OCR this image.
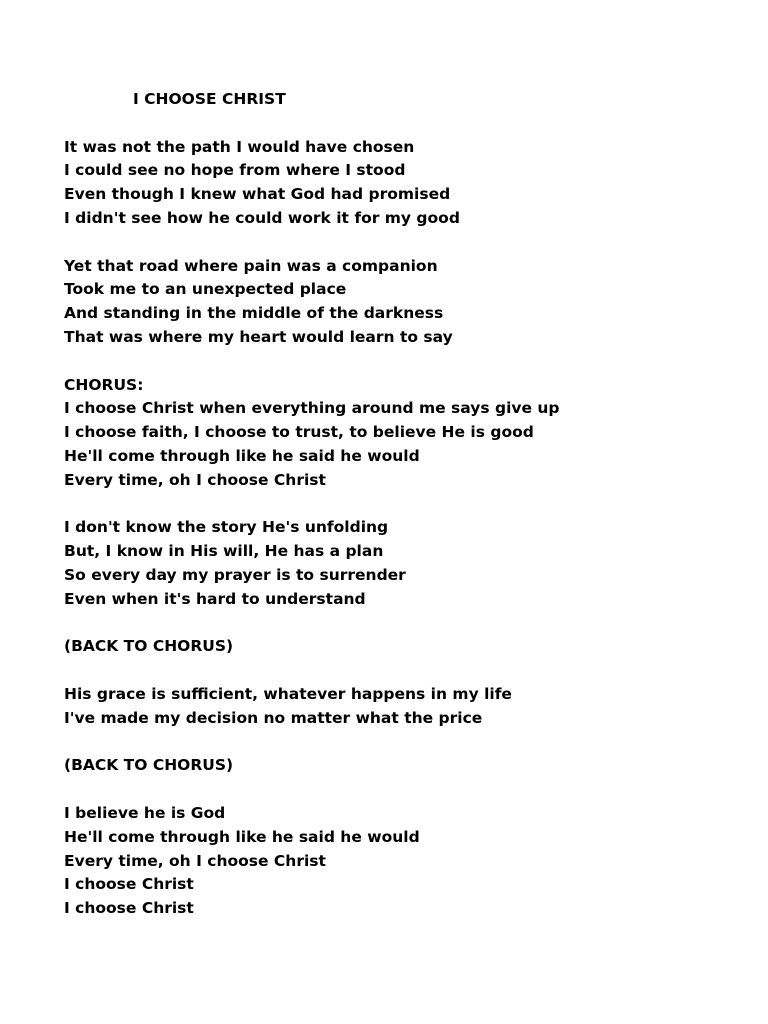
I CHOOSE CHRIST
It was not the path I would have chosen
I could see no hope from where I stood
Even though I knew what God had promised
I didn't see how he could work it for my good
Yet that road where pain was a companion
Took me to an unexpected place
And standing in the middle of the darkness
That was where my heart would learn to say
CHORUS:
I choose Christ when everything around me says give up
I choose faith, I choose to trust, to believe He is good
He'll come through like he said he would
Every time, oh I choose Christ
I don't know the story He's unfolding
But, I know in His will, He has a plan
So every day my prayer is to surrender
Even when it's hard to understand
(BACK TO CHORUS)
His grace is sufficient, whatever happens in my life
I've made my decision no matter what the price
(BACK TO CHORUS)
I believe he is God
He'll come through like he said he would
Every time, oh I choose Christ
I choose Christ
I choose Christ
